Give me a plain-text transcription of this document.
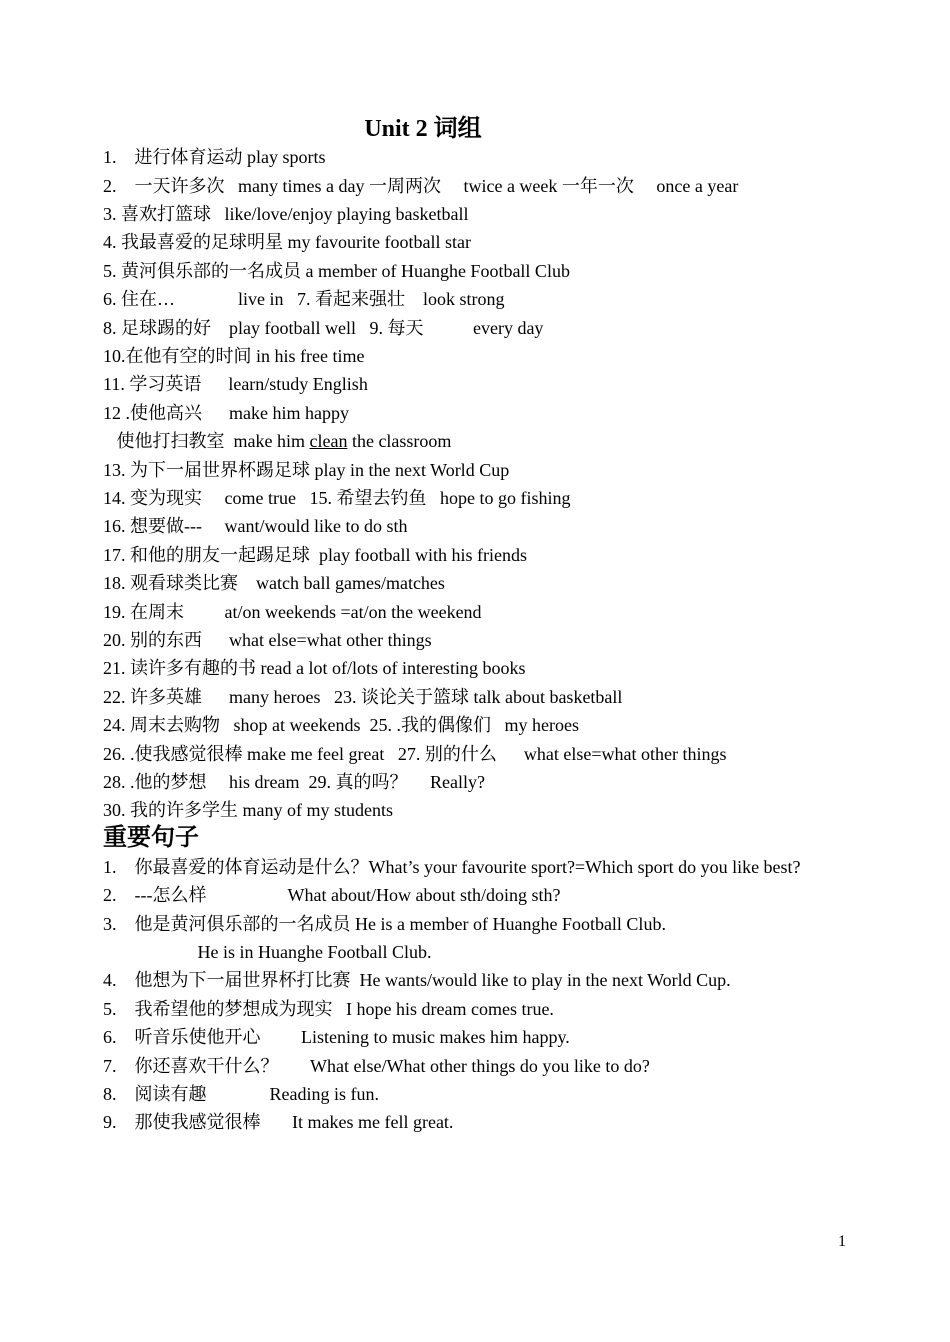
Unit 2 词组
1.    进行体育运动 play sports
2.    一天许多次   many times a day 一周两次     twice a week 一年一次     once a year
3. 喜欢打篮球   like/love/enjoy playing basketball
4. 我最喜爱的足球明星 my favourite football star
5. 黄河俱乐部的一名成员 a member of Huanghe Football Club
6. 住在…              live in   7. 看起来强壮    look strong
8. 足球踢的好    play football well   9. 每天           every day
10.在他有空的时间 in his free time
11. 学习英语      learn/study English
12 .使他高兴      make him happy
使他打扫教室  make him clean the classroom
13. 为下一届世界杯踢足球 play in the next World Cup
14. 变为现实     come true   15. 希望去钓鱼   hope to go fishing
16. 想要做---     want/would like to do sth
17. 和他的朋友一起踢足球  play football with his friends
18. 观看球类比赛    watch ball games/matches
19. 在周末         at/on weekends =at/on the weekend
20. 别的东西      what else=what other things
21. 读许多有趣的书 read a lot of/lots of interesting books
22. 许多英雄      many heroes   23. 谈论关于篮球 talk about basketball
24. 周末去购物   shop at weekends  25. .我的偶像们   my heroes
26. .使我感觉很棒 make me feel great   27. 别的什么      what else=what other things
28. .他的梦想     his dream  29. 真的吗？     Really?
30. 我的许多学生 many of my students
重要句子
1.    你最喜爱的体育运动是什么？What’s your favourite sport?=Which sport do you like best?
2.    ---怎么样                  What about/How about sth/doing sth?
3.    他是黄河俱乐部的一名成员 He is a member of Huanghe Football Club.
He is in Huanghe Football Club.
4.    他想为下一届世界杯打比赛  He wants/would like to play in the next World Cup.
5.    我希望他的梦想成为现实   I hope his dream comes true.
6.    听音乐使他开心         Listening to music makes him happy.
7.    你还喜欢干什么？       What else/What other things do you like to do?
8.    阅读有趣              Reading is fun.
9.    那使我感觉很棒       It makes me fell great.
1
